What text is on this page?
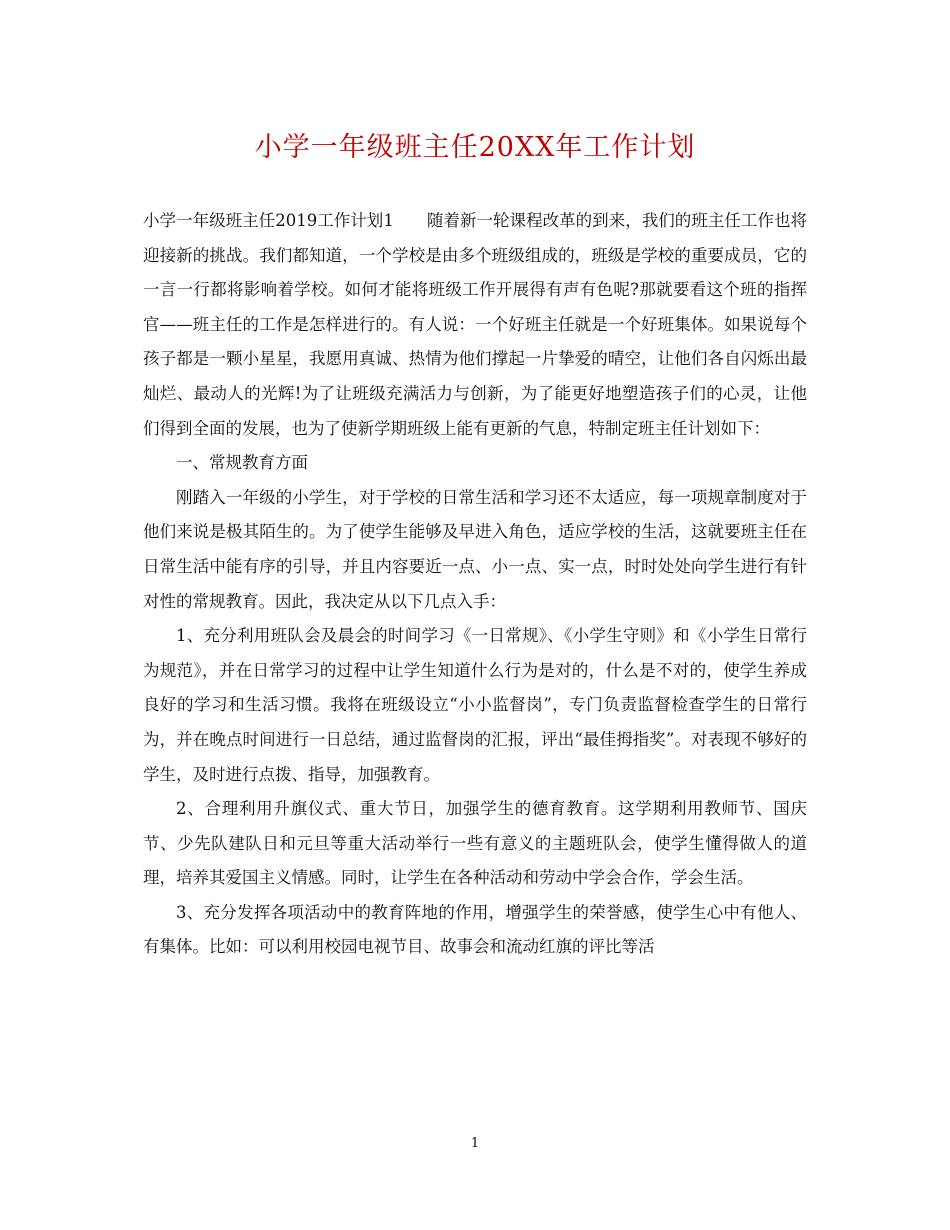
小学一年级班主任20XX年工作计划

小学一年级班主任2019工作计划1　　随着新一轮课程改革的到来，我们的班主任工作也将迎接新的挑战。我们都知道，一个学校是由多个班级组成的，班级是学校的重要成员，它的一言一行都将影响着学校。如何才能将班级工作开展得有声有色呢?那就要看这个班的指挥官——班主任的工作是怎样进行的。有人说：一个好班主任就是一个好班集体。如果说每个孩子都是一颗小星星，我愿用真诚、热情为他们撑起一片挚爱的晴空，让他们各自闪烁出最灿烂、最动人的光辉!为了让班级充满活力与创新，为了能更好地塑造孩子们的心灵，让他们得到全面的发展，也为了使新学期班级上能有更新的气息，特制定班主任计划如下：

一、常规教育方面

刚踏入一年级的小学生，对于学校的日常生活和学习还不太适应，每一项规章制度对于他们来说是极其陌生的。为了使学生能够及早进入角色，适应学校的生活，这就要班主任在日常生活中能有序的引导，并且内容要近一点、小一点、实一点，时时处处向学生进行有针对性的常规教育。因此，我决定从以下几点入手：

1、充分利用班队会及晨会的时间学习《一日常规》、《小学生守则》和《小学生日常行为规范》，并在日常学习的过程中让学生知道什么行为是对的，什么是不对的，使学生养成良好的学习和生活习惯。我将在班级设立“小小监督岗”，专门负责监督检查学生的日常行为，并在晚点时间进行一日总结，通过监督岗的汇报，评出“最佳拇指奖”。对表现不够好的学生，及时进行点拨、指导，加强教育。

2、合理利用升旗仪式、重大节日，加强学生的德育教育。这学期利用教师节、国庆节、少先队建队日和元旦等重大活动举行一些有意义的主题班队会，使学生懂得做人的道理，培养其爱国主义情感。同时，让学生在各种活动和劳动中学会合作，学会生活。

3、充分发挥各项活动中的教育阵地的作用，增强学生的荣誉感，使学生心中有他人、有集体。比如：可以利用校园电视节目、故事会和流动红旗的评比等活

1
